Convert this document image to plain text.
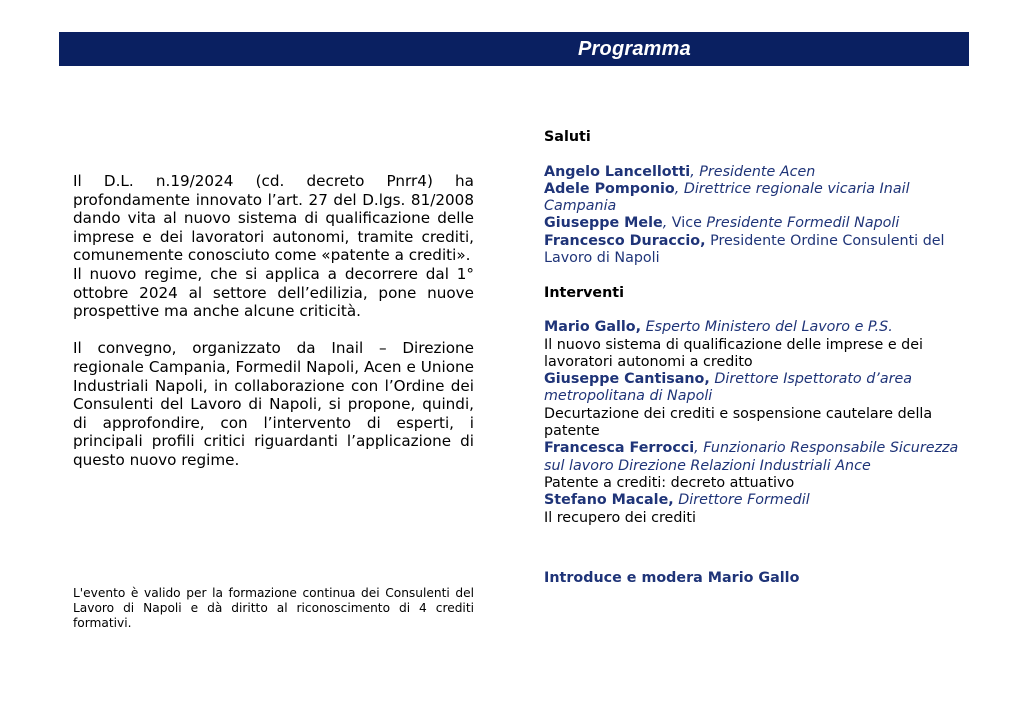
Programma

Il D.L. n.19/2024 (cd. decreto Pnrr4) ha profondamente innovato l’art. 27 del D.lgs. 81/2008 dando vita al nuovo sistema di qualificazione delle imprese e dei lavoratori autonomi, tramite crediti, comunemente conosciuto come «patente a crediti».

Il nuovo regime, che si applica a decorrere dal 1° ottobre 2024 al settore dell’edilizia, pone nuove prospettive ma anche alcune criticità.

Il convegno, organizzato da Inail – Direzione regionale Campania, Formedil Napoli, Acen e Unione Industriali Napoli, in collaborazione con l’Ordine dei Consulenti del Lavoro di Napoli, si propone, quindi, di approfondire, con l’intervento di esperti, i principali profili critici riguardanti l’applicazione di questo nuovo regime.

L'evento è valido per la formazione continua dei Consulenti del Lavoro di Napoli e dà diritto al riconoscimento di 4 crediti formativi.
Saluti
Angelo Lancellotti, Presidente Acen
Adele Pomponio, Direttrice regionale vicaria Inail Campania
Giuseppe Mele, Vice Presidente Formedil Napoli
Francesco Duraccio, Presidente Ordine Consulenti del Lavoro di Napoli
Interventi
Mario Gallo, Esperto Ministero del Lavoro e P.S.
Il nuovo sistema di qualificazione delle imprese e dei lavoratori autonomi a credito
Giuseppe Cantisano, Direttore Ispettorato d’area metropolitana di Napoli
Decurtazione dei crediti e sospensione cautelare della patente
Francesca Ferrocci, Funzionario Responsabile Sicurezza sul lavoro Direzione Relazioni Industriali Ance
Patente a crediti: decreto attuativo
Stefano Macale, Direttore Formedil
Il recupero dei crediti
Introduce e modera Mario Gallo
